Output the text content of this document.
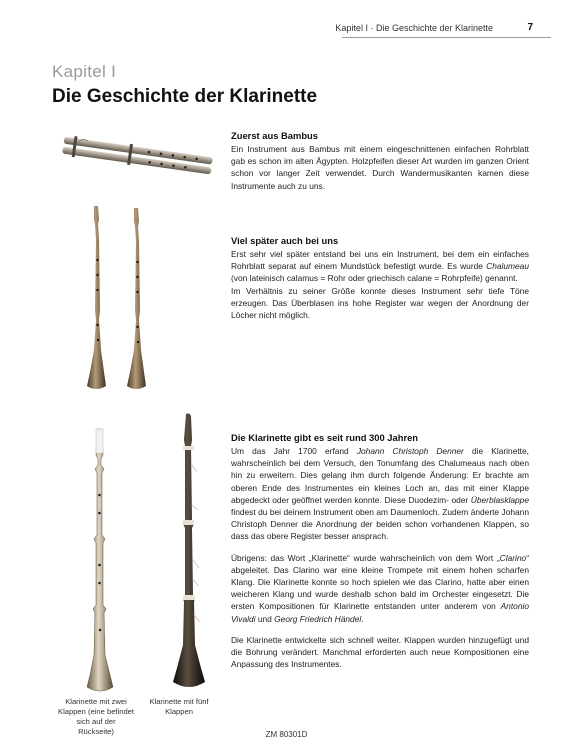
Kapitel I · Die Geschichte der Klarinette	7
Kapitel I
Die Geschichte der Klarinette
Klarinette mit zwei Klappen (eine befindet sich auf der Rückseite)
Klarinette mit fünf Klappen
Zuerst aus Bambus

Ein Instrument aus Bambus mit einem eingeschnittenen einfachen Rohrblatt gab es schon im alten Ägypten. Holzpfeifen dieser Art wurden im ganzen Orient schon vor langer Zeit verwendet. Durch Wandermusikanten kamen diese Instrumente auch zu uns.

Viel später auch bei uns

Erst sehr viel später entstand bei uns ein Instrument, bei dem ein einfaches Rohrblatt separat auf einem Mundstück befestigt wurde. Es wurde Chalumeau (von lateinisch calamus = Rohr oder griechisch calane = Rohrpfeife) genannt.

Im Verhältnis zu seiner Größe konnte dieses Instrument sehr tiefe Töne erzeugen. Das Überblasen ins hohe Register war wegen der Anordnung der Löcher nicht möglich.

Die Klarinette gibt es seit rund 300 Jahren

Um das Jahr 1700 erfand Johann Christoph Denner die Klarinette, wahrscheinlich bei dem Versuch, den Tonumfang des Chalumeaus nach oben hin zu erweitern. Dies gelang ihm durch folgende Änderung: Er brachte am oberen Ende des Instrumentes ein kleines Loch an, das mit einer Klappe abgedeckt oder geöffnet werden konnte. Diese Duodezim- oder Überblasklappe findest du bei deinem Instrument oben am Daumenloch. Zudem änderte Johann Christoph Denner die Anordnung der beiden schon vorhandenen Klappen, so dass das obere Register besser ansprach.

Übrigens: das Wort „Klarinette“ wurde wahrscheinlich von dem Wort „Clarino“ abgeleitet. Das Clarino war eine kleine Trompete mit einem hohen scharfen Klang. Die Klarinette konnte so hoch spielen wie das Clarino, hatte aber einen weicheren Klang und wurde deshalb schon bald im Orchester eingesetzt. Die ersten Kompositionen für Klarinette entstanden unter anderem von Antonio Vivaldi und Georg Friedrich Händel.

Die Klarinette entwickelte sich schnell weiter. Klappen wurden hinzugefügt und die Bohrung verändert. Manchmal erforderten auch neue Kompositionen eine Anpassung des Instrumentes.

ZM 80301D
